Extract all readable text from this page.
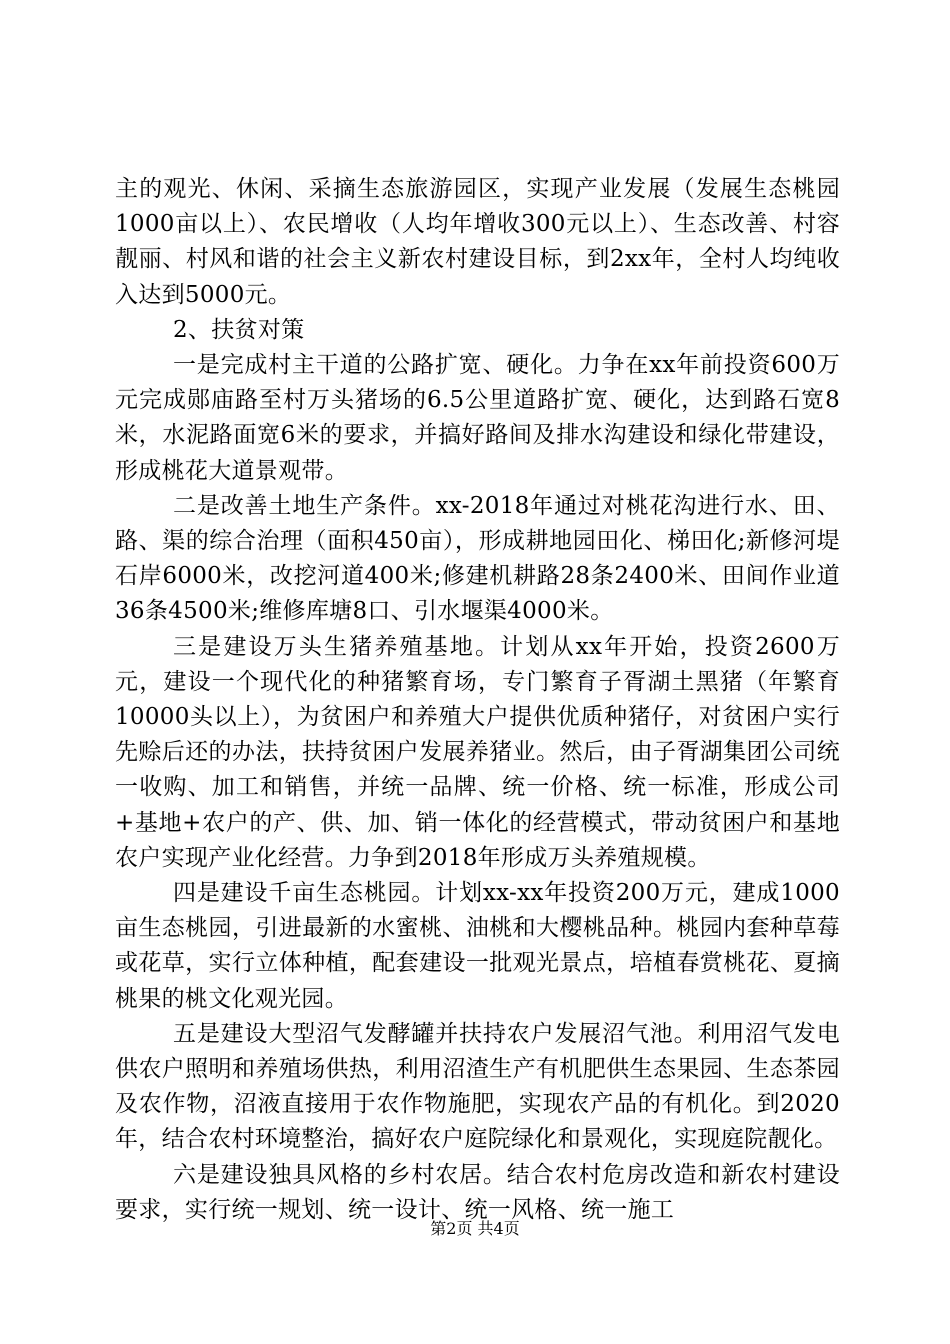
主的观光、休闲、采摘生态旅游园区，实现产业发展（发展生态桃园1000亩以上）、农民增收（人均年增收300元以上）、生态改善、村容靓丽、村风和谐的社会主义新农村建设目标，到2xx年，全村人均纯收入达到5000元。

2、扶贫对策

一是完成村主干道的公路扩宽、硬化。力争在xx年前投资600万元完成郧庙路至村万头猪场的6.5公里道路扩宽、硬化，达到路石宽8米，水泥路面宽6米的要求，并搞好路间及排水沟建设和绿化带建设，形成桃花大道景观带。

二是改善土地生产条件。xx-2018年通过对桃花沟进行水、田、路、渠的综合治理（面积450亩），形成耕地园田化、梯田化;新修河堤石岸6000米，改挖河道400米;修建机耕路28条2400米、田间作业道36条4500米;维修库塘8口、引水堰渠4000米。

三是建设万头生猪养殖基地。计划从xx年开始，投资2600万元，建设一个现代化的种猪繁育场，专门繁育子胥湖土黑猪（年繁育10000头以上），为贫困户和养殖大户提供优质种猪仔，对贫困户实行先赊后还的办法，扶持贫困户发展养猪业。然后，由子胥湖集团公司统一收购、加工和销售，并统一品牌、统一价格、统一标准，形成公司+基地+农户的产、供、加、销一体化的经营模式，带动贫困户和基地农户实现产业化经营。力争到2018年形成万头养殖规模。

四是建设千亩生态桃园。计划xx-xx年投资200万元，建成1000亩生态桃园，引进最新的水蜜桃、油桃和大樱桃品种。桃园内套种草莓或花草，实行立体种植，配套建设一批观光景点，培植春赏桃花、夏摘桃果的桃文化观光园。

五是建设大型沼气发酵罐并扶持农户发展沼气池。利用沼气发电供农户照明和养殖场供热，利用沼渣生产有机肥供生态果园、生态茶园及农作物，沼液直接用于农作物施肥，实现农产品的有机化。到2020年，结合农村环境整治，搞好农户庭院绿化和景观化，实现庭院靓化。

六是建设独具风格的乡村农居。结合农村危房改造和新农村建设要求，实行统一规划、统一设计、统一风格、统一施工

第2页 共4页
